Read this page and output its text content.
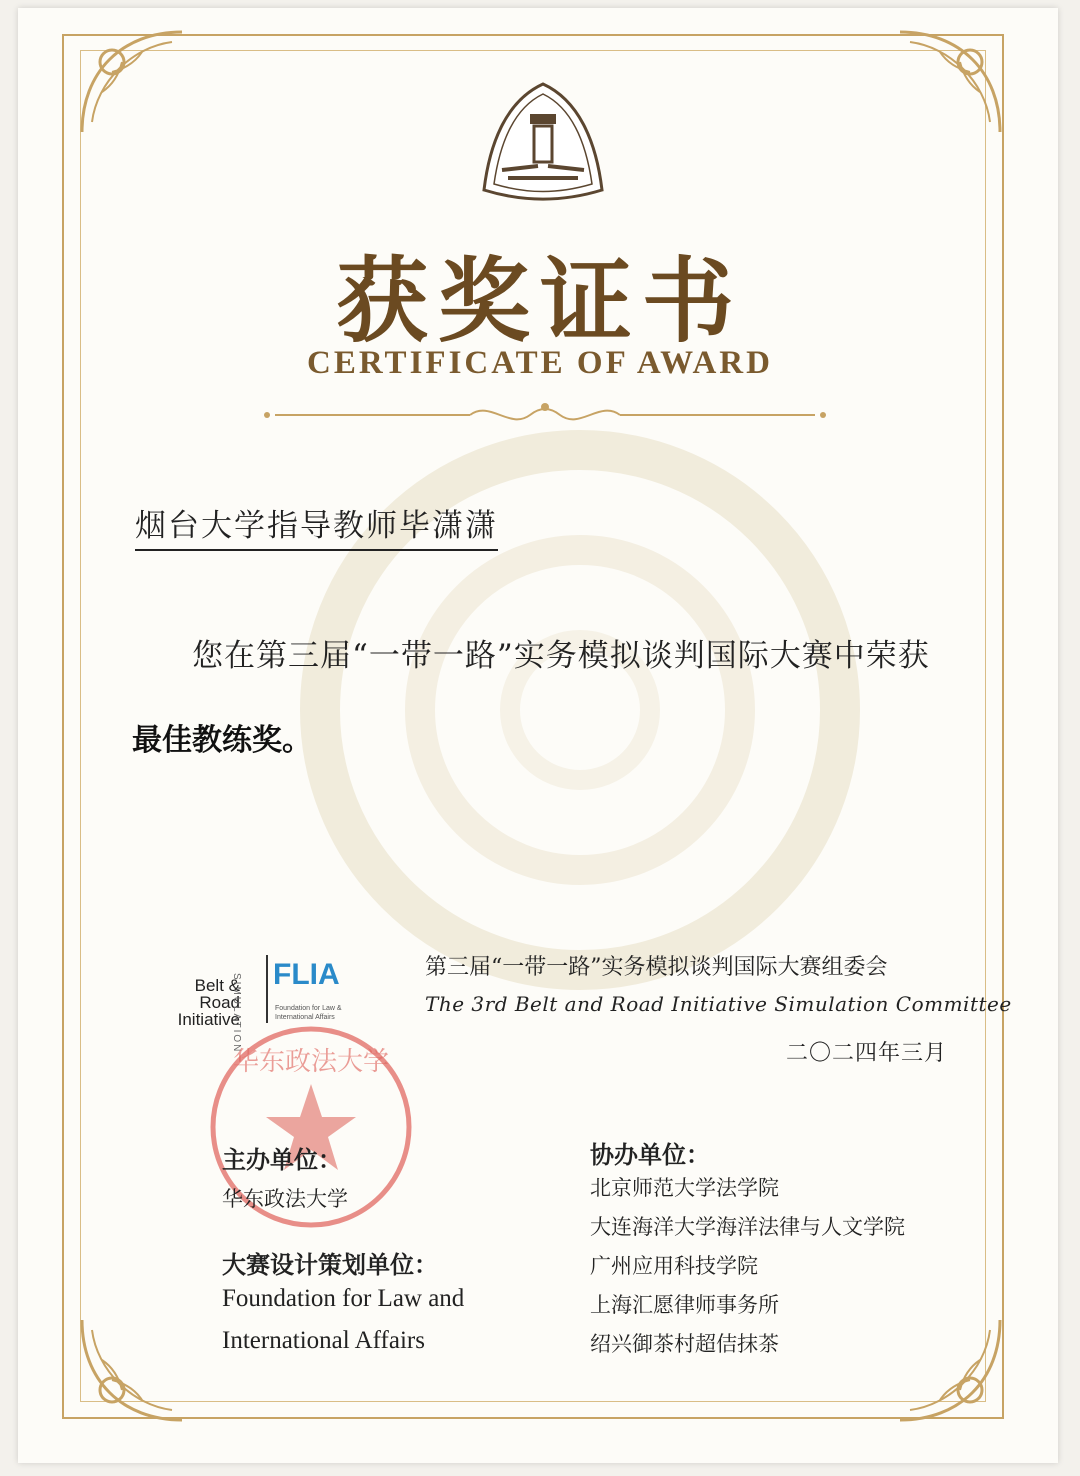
获奖证书
CERTIFICATE OF AWARD
烟台大学指导教师毕潇潇
您在第三届“一带一路”实务模拟谈判国际大赛中荣获
最佳教练奖。
Belt &
Road
Initiative
SIMULATION FLIA
Foundation for Law &
International Affairs
第三届“一带一路”实务模拟谈判国际大赛组委会
The 3rd Belt and Road Initiative Simulation Committee
二〇二四年三月
华东政法大学
主办单位：
华东政法大学
大赛设计策划单位：
Foundation for Law and
International Affairs
协办单位：
北京师范大学法学院
大连海洋大学海洋法律与人文学院
广州应用科技学院
上海汇愿律师事务所
绍兴御茶村超佶抹茶
